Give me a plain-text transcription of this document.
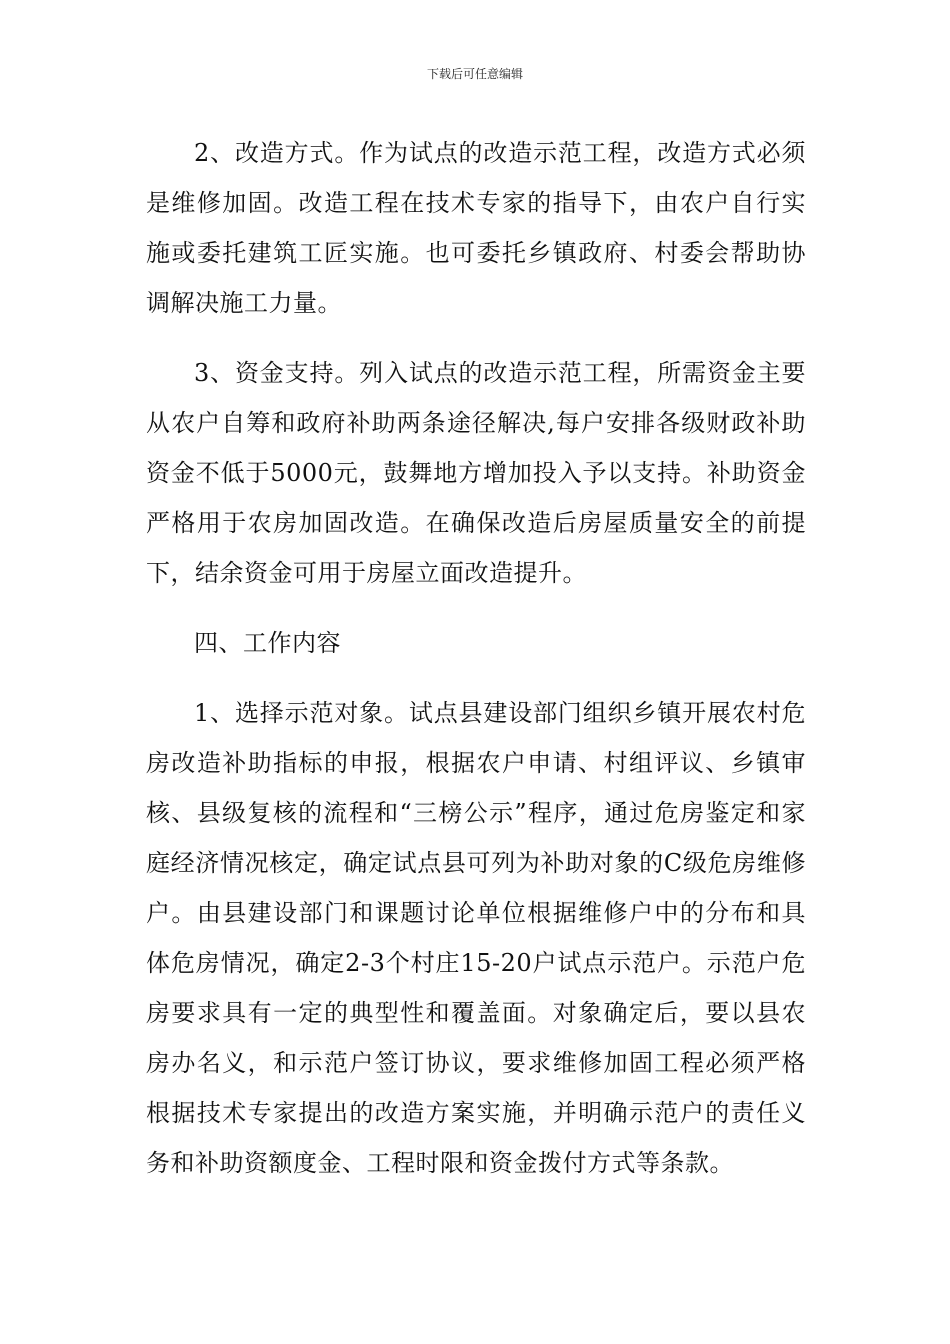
下载后可任意编辑

2、改造方式。作为试点的改造示范工程，改造方式必须是维修加固。改造工程在技术专家的指导下，由农户自行实施或委托建筑工匠实施。也可委托乡镇政府、村委会帮助协调解决施工力量。

3、资金支持。列入试点的改造示范工程，所需资金主要从农户自筹和政府补助两条途径解决,每户安排各级财政补助资金不低于5000元，鼓舞地方增加投入予以支持。补助资金严格用于农房加固改造。在确保改造后房屋质量安全的前提下，结余资金可用于房屋立面改造提升。

四、工作内容

1、选择示范对象。试点县建设部门组织乡镇开展农村危房改造补助指标的申报，根据农户申请、村组评议、乡镇审核、县级复核的流程和“三榜公示”程序，通过危房鉴定和家庭经济情况核定，确定试点县可列为补助对象的C级危房维修户。由县建设部门和课题讨论单位根据维修户中的分布和具体危房情况，确定2-3个村庄15-20户试点示范户。示范户危房要求具有一定的典型性和覆盖面。对象确定后，要以县农房办名义，和示范户签订协议，要求维修加固工程必须严格根据技术专家提出的改造方案实施，并明确示范户的责任义务和补助资额度金、工程时限和资金拨付方式等条款。
